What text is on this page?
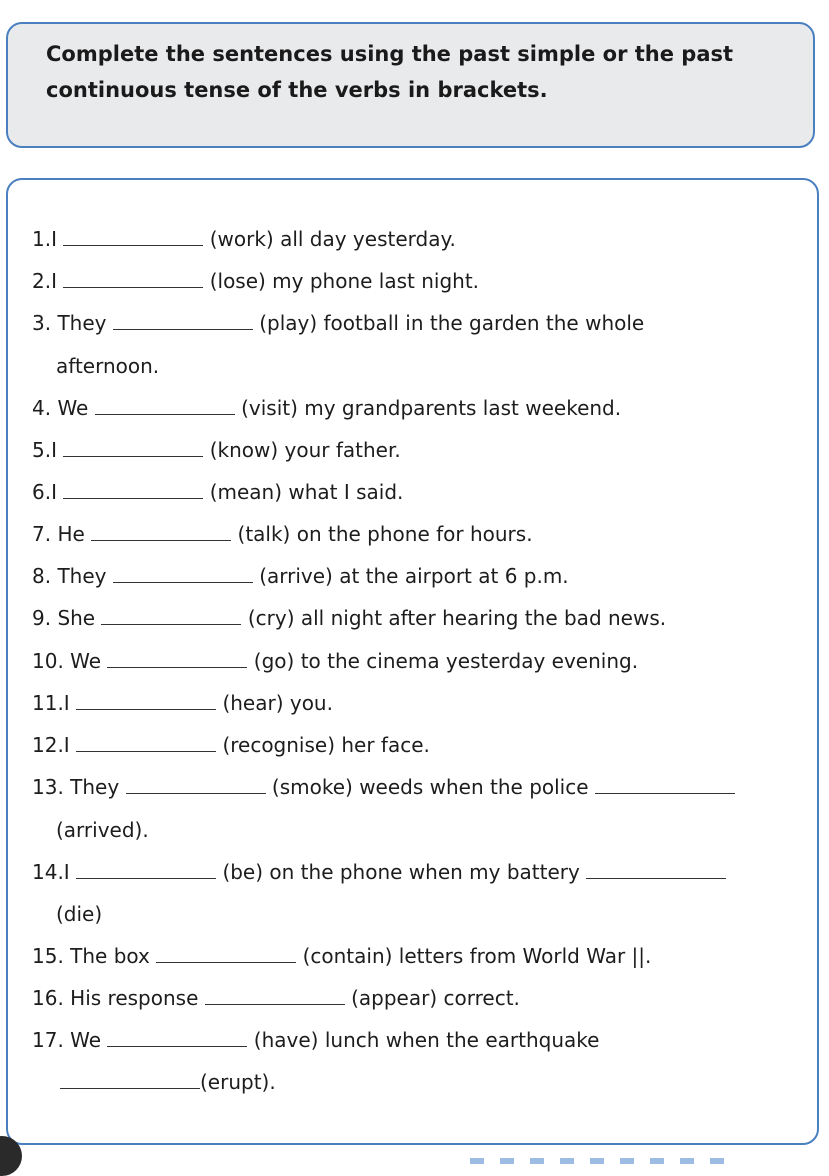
Complete the sentences using the past simple or the past
continuous tense of the verbs in brackets.
1.I	(work) all day yesterday.
2.I	(lose) my phone last night.
3. They	(play) football in the garden the whole
afternoon.
4. We	(visit) my grandparents last weekend.
5.I	(know) your father.
6.I	(mean) what I said.
7. He	(talk) on the phone for hours.
8. They	(arrive) at the airport at 6 p.m.
9. She	(cry) all night after hearing the bad news.
10. We	(go) to the cinema yesterday evening.
11.I	(hear) you.
12.I	(recognise) her face.
13. They	(smoke) weeds when the police
(arrived).
14.I	(be) on the phone when my battery
(die)
15. The box	(contain) letters from World War ||.
16. His response	(appear) correct.
17. We	(have) lunch when the earthquake
(erupt).
